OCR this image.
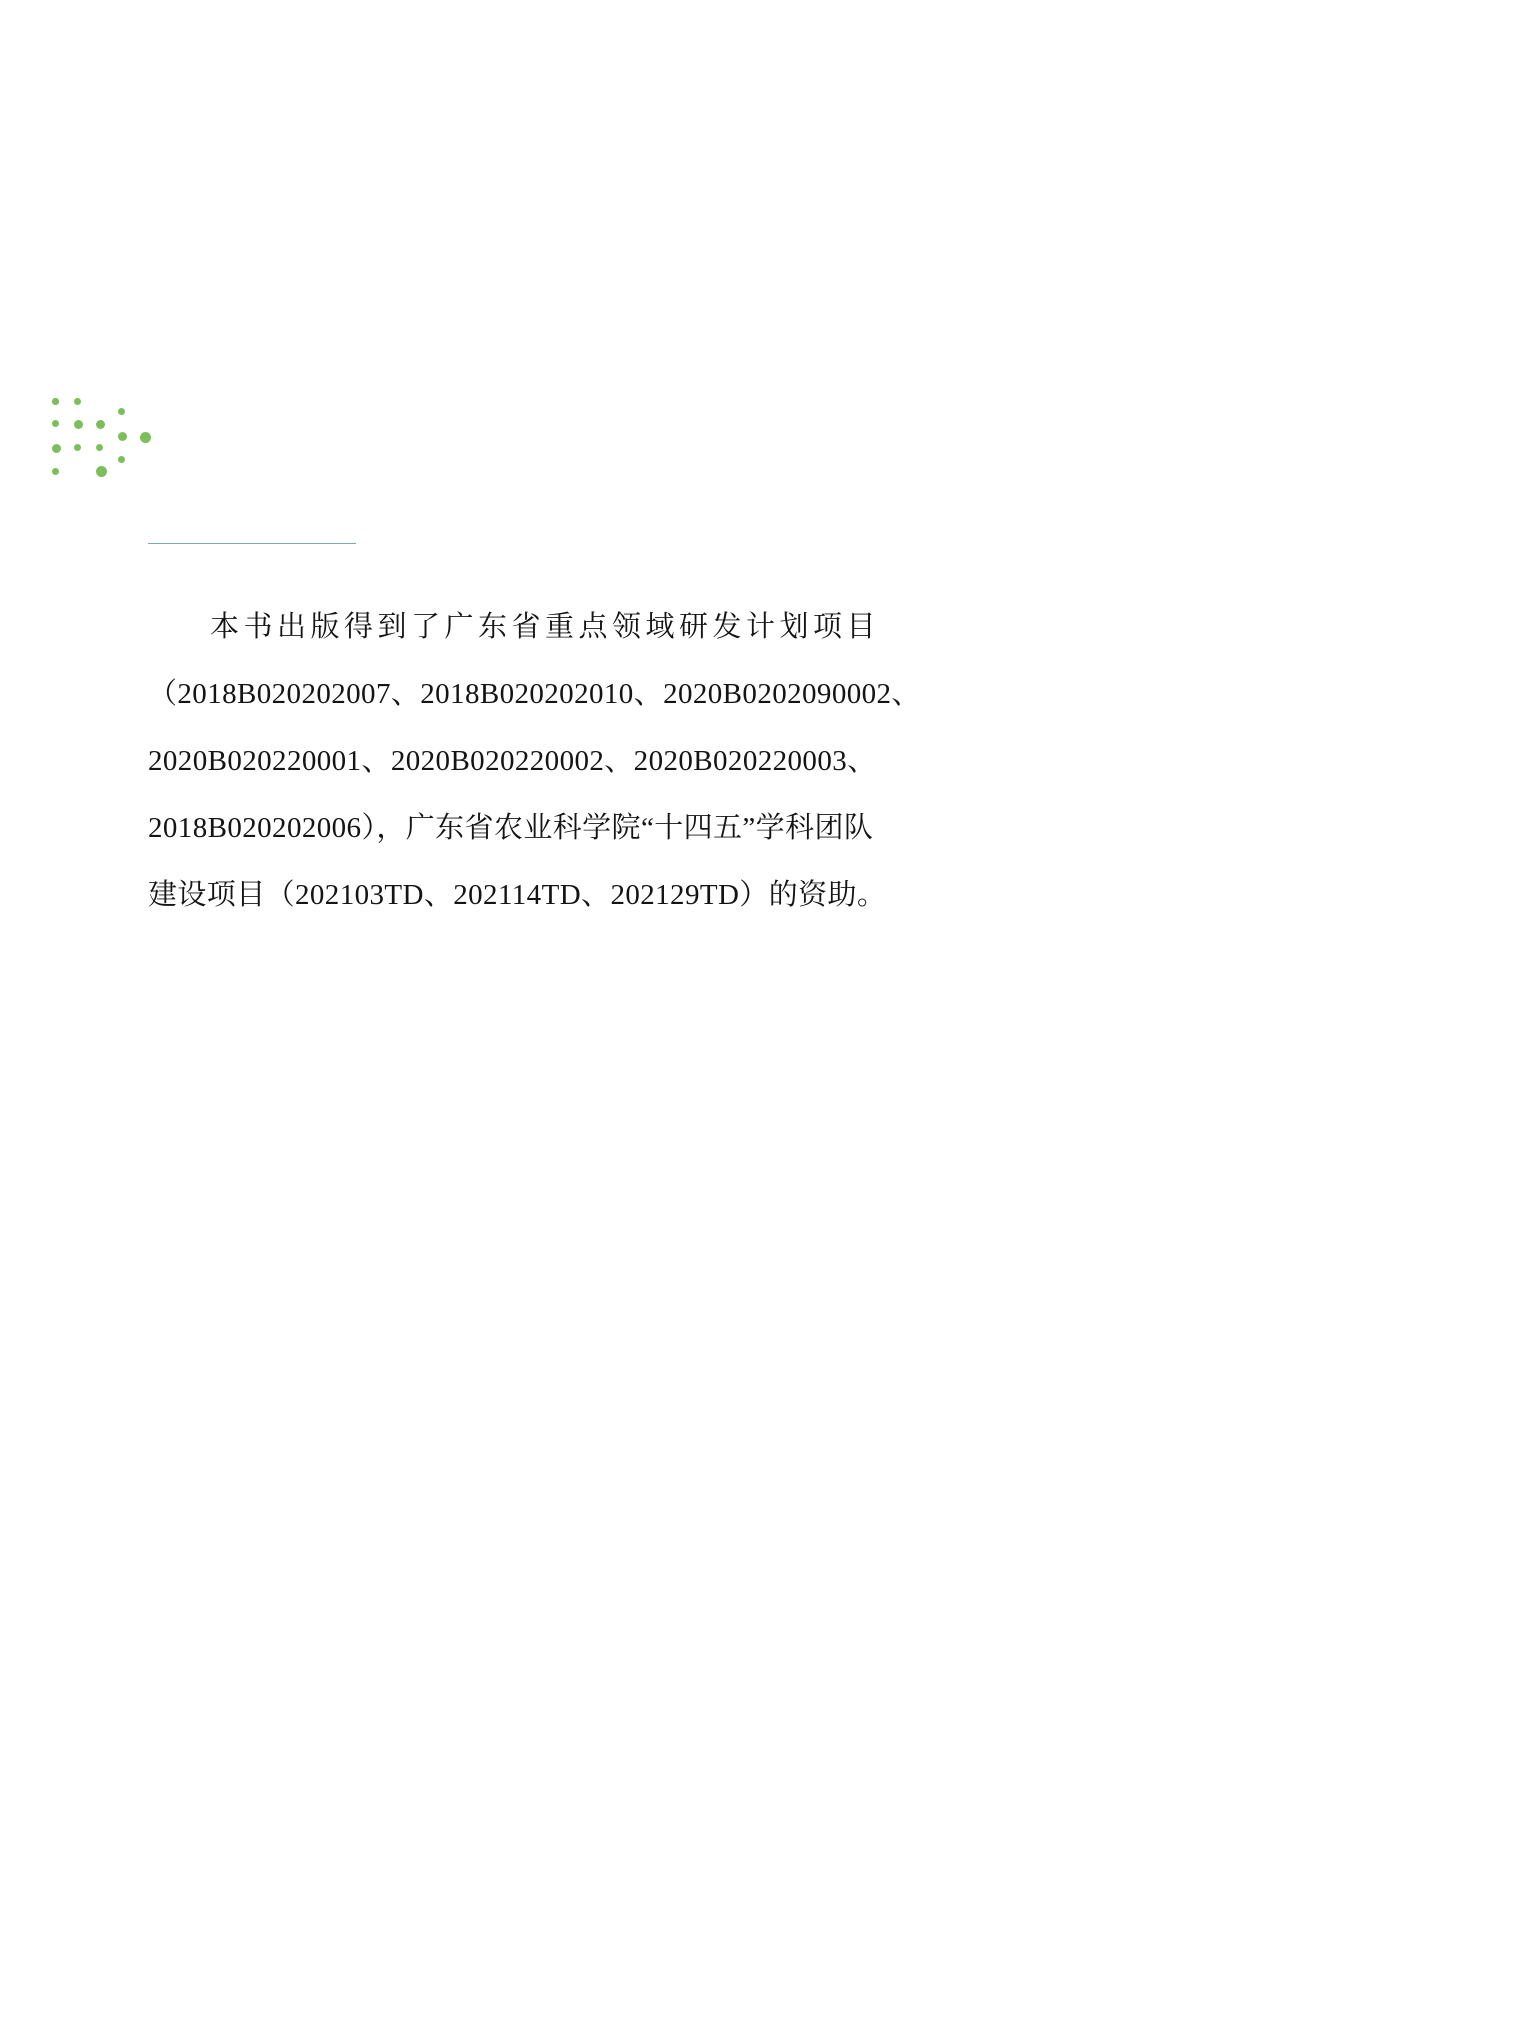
本书出版得到了广东省重点领域研发计划项目

（2018B020202007、2018B020202010、2020B0202090002、

2020B020220001、2020B020220002、2020B020220003、

2018B020202006），广东省农业科学院“十四五”学科团队

建设项目（202103TD、202114TD、202129TD）的资助。
